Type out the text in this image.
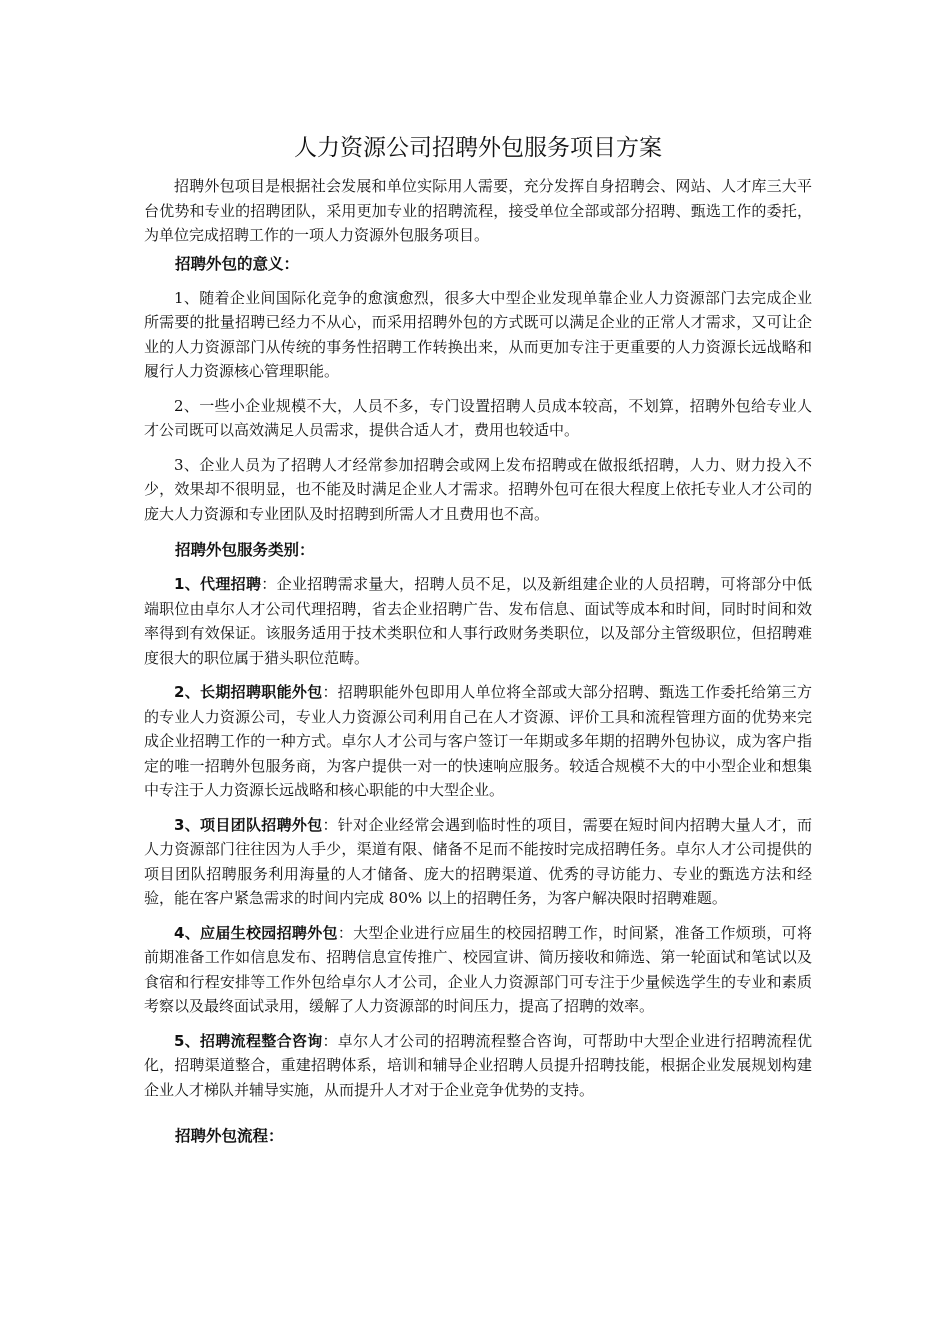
人力资源公司招聘外包服务项目方案

招聘外包项目是根据社会发展和单位实际用人需要，充分发挥自身招聘会、网站、人才库三大平台优势和专业的招聘团队，采用更加专业的招聘流程，接受单位全部或部分招聘、甄选工作的委托，为单位完成招聘工作的一项人力资源外包服务项目。

招聘外包的意义：

1、随着企业间国际化竞争的愈演愈烈，很多大中型企业发现单靠企业人力资源部门去完成企业所需要的批量招聘已经力不从心，而采用招聘外包的方式既可以满足企业的正常人才需求，又可让企业的人力资源部门从传统的事务性招聘工作转换出来，从而更加专注于更重要的人力资源长远战略和履行人力资源核心管理职能。

2、一些小企业规模不大，人员不多，专门设置招聘人员成本较高，不划算，招聘外包给专业人才公司既可以高效满足人员需求，提供合适人才，费用也较适中。

3、企业人员为了招聘人才经常参加招聘会或网上发布招聘或在做报纸招聘，人力、财力投入不少，效果却不很明显，也不能及时满足企业人才需求。招聘外包可在很大程度上依托专业人才公司的庞大人力资源和专业团队及时招聘到所需人才且费用也不高。

招聘外包服务类别：

1、代理招聘：企业招聘需求量大，招聘人员不足，以及新组建企业的人员招聘，可将部分中低端职位由卓尔人才公司代理招聘，省去企业招聘广告、发布信息、面试等成本和时间，同时时间和效率得到有效保证。该服务适用于技术类职位和人事行政财务类职位，以及部分主管级职位，但招聘难度很大的职位属于猎头职位范畴。

2、长期招聘职能外包：招聘职能外包即用人单位将全部或大部分招聘、甄选工作委托给第三方的专业人力资源公司，专业人力资源公司利用自己在人才资源、评价工具和流程管理方面的优势来完成企业招聘工作的一种方式。卓尔人才公司与客户签订一年期或多年期的招聘外包协议，成为客户指定的唯一招聘外包服务商，为客户提供一对一的快速响应服务。较适合规模不大的中小型企业和想集中专注于人力资源长远战略和核心职能的中大型企业。

3、项目团队招聘外包：针对企业经常会遇到临时性的项目，需要在短时间内招聘大量人才，而人力资源部门往往因为人手少，渠道有限、储备不足而不能按时完成招聘任务。卓尔人才公司提供的项目团队招聘服务利用海量的人才储备、庞大的招聘渠道、优秀的寻访能力、专业的甄选方法和经验，能在客户紧急需求的时间内完成 80% 以上的招聘任务，为客户解决限时招聘难题。

4、应届生校园招聘外包：大型企业进行应届生的校园招聘工作，时间紧，准备工作烦琐，可将前期准备工作如信息发布、招聘信息宣传推广、校园宣讲、简历接收和筛选、第一轮面试和笔试以及食宿和行程安排等工作外包给卓尔人才公司，企业人力资源部门可专注于少量候选学生的专业和素质考察以及最终面试录用，缓解了人力资源部的时间压力，提高了招聘的效率。

5、招聘流程整合咨询：卓尔人才公司的招聘流程整合咨询，可帮助中大型企业进行招聘流程优化，招聘渠道整合，重建招聘体系，培训和辅导企业招聘人员提升招聘技能，根据企业发展规划构建企业人才梯队并辅导实施，从而提升人才对于企业竞争优势的支持。

招聘外包流程：
